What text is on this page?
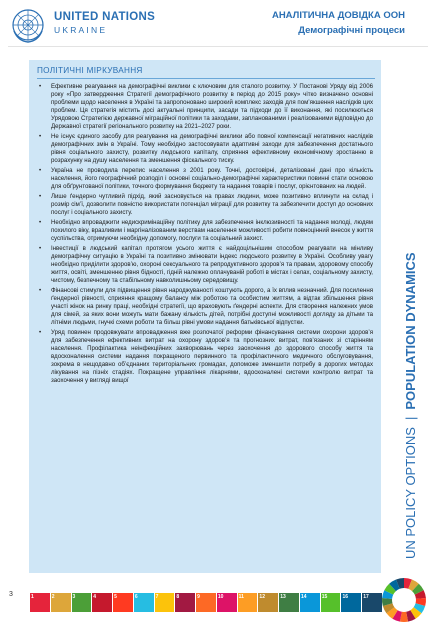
UNITED NATIONS
UKRAINE
АНАЛІТИЧНА ДОВІДКА ООН
Демографічні процеси
ПОЛІТИЧНІ МІРКУВАННЯ
• Ефективне реагування на демографічні виклики є ключовим для сталого розвитку. У Постанові Уряду від 2006 року «Про затвердження Стратегії демографічного розвитку в період до 2015 року» чітко визначено основні проблеми щодо населення в Україні та запропоновано широкий комплекс заходів для пом’якшення наслідків цих проблем. Ця стратегія містить досі актуальні принципи, засади та підходи до її виконання, які посилюються Урядовою Стратегією державної міграційної політики та заходами, запланованими і реалізованими відповідно до Державної стратегії регіонального розвитку на 2021–2027 роки.
• Не існує єдиного засобу для реагування на демографічні виклики або повної компенсації негативних наслідків демографічних змін в Україні. Тому необхідно застосовувати адаптивні заходи для забезпечення достатнього рівня соціального захисту, розвитку людського капіталу, сприяння ефективному економічному зростанню в розрахунку на душу населення та зменшення фіскального тиску.
• Україна не проводила перепис населення з 2001 року. Точні, достовірні, деталізовані дані про кількість населення, його географічний розподіл і основні соціально-демографічні характеристики повинні стати основою для обґрунтованої політики, точного формування бюджету та надання товарів і послуг, орієнтованих на людей.
• Лише ґендерно чутливий підхід, який засновується на правах людини, може позитивно вплинути на склад і розмір сім’ї, дозволити повністю використати потенціал міграції для розвитку та забезпечити доступ до основних послуг і соціального захисту.
• Необхідно впроваджити недискримінаційну політику для забезпечення інклюзивності та надання молоді, людям похилого віку, вразливим і маргіналізованим верствам населення можливості робити повноцінний внесок у життя суспільства, отримуючи необхідну допомогу, послуги та соціальний захист.
• Інвестиції в людський капітал протягом усього життя є найдоцільнішим способом реагувати на мінливу демографічну ситуацію в Україні та позитивно змінювати індекс людського розвитку в Україні. Особливу увагу необхідно приділити здоров’ю, охороні сексуального та репродуктивного здоров’я та правам, здоровому способу життя, освіті, зменшенню рівня бідності, гідній належно оплачуваній роботі в містах і селах, соціальному захисту, чистому, безпечному та стабільному навколишньому середовищу.
• Фінансові стимули для підвищення рівня народжуваності коштують дорого, а їх вплив незначний. Для посилення ґендерної рівності, сприяння кращому балансу між роботою та особистим життям, а відтак збільшення рівня участі жінок на ринку праці, необхідні стратегії, що враховують ґендерні аспекти. Для створення належних умов для сімей, за яких вони можуть мати бажану кількість дітей, потрібні доступні можливості догляду за дітьми та літніми людьми, гнучкі схеми роботи та більш рівні умови надання батьківської відпустки.
• Уряд повинен продовжувати впровадження вже розпочатої реформи фінансування системи охорони здоров’я для забезпечення ефективних витрат на охорону здоров’я та прогнозних витрат, пов’язаних зі старінням населення. Профілактика неінфекційних захворювань через заохочення до здорового способу життя та вдосконалення системи надання покращеного первинного та профілактичного медичного обслуговування, зокрема в нещодавно об’єднаних територіальних громадах, допоможе зменшити потребу в дорогих методах лікування на пізніх стадіях. Покращене управління лікарнями, вдосконалені системи контролю витрат та заохочення у вигляді вищої
UN POLICY OPTIONS|POPULATION DYNAMICS
3	1	2	3	4	5	6	7	8	9	10	11	12	13	14	15	16	17
